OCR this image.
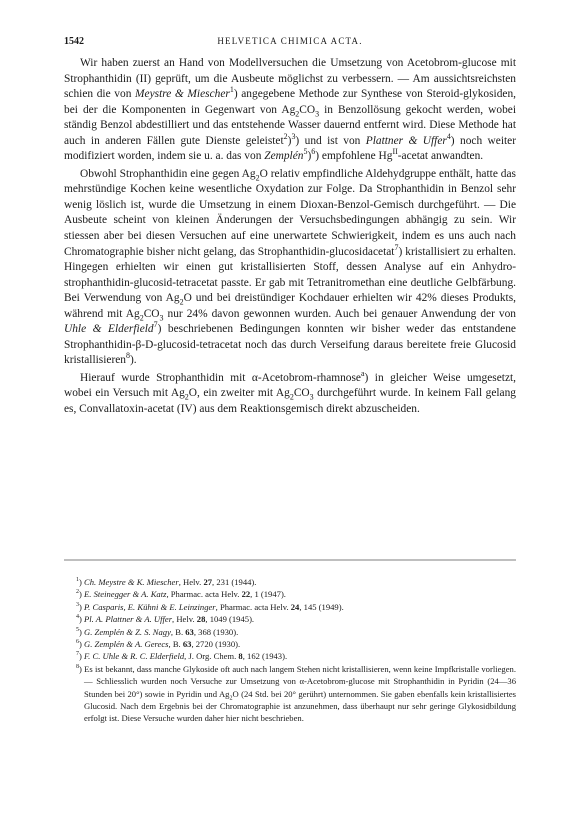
1542	HELVETICA CHIMICA ACTA.

Wir haben zuerst an Hand von Modellversuchen die Umsetzung von Acetobrom-glucose mit Strophanthidin (II) geprüft, um die Ausbeute möglichst zu verbessern. — Am aussichtsreichsten schien die von Meystre & Miescher$^1$) angegebene Methode zur Synthese von Steroid-glykosiden, bei der die Komponenten in Gegenwart von $Ag_2CO_3$ in Benzollösung gekocht werden, wobei ständig Benzol abdestilliert und das entstehende Wasser dauernd entfernt wird. Diese Methode hat auch in anderen Fällen gute Dienste geleistet$^2$)$^3$) und ist von Plattner & Uffer$^4$) noch weiter modifiziert worden, indem sie u. a. das von Zemplén$^5$)$^6$) empfohlene $Hg^{II}$-acetat anwandten.

Obwohl Strophanthidin eine gegen $Ag_2O$ relativ empfindliche Aldehydgruppe enthält, hatte das mehrstündige Kochen keine wesentliche Oxydation zur Folge. Da Strophanthidin in Benzol sehr wenig löslich ist, wurde die Umsetzung in einem Dioxan-Benzol-Gemisch durchgeführt. — Die Ausbeute scheint von kleinen Änderungen der Versuchsbedingungen abhängig zu sein. Wir stiessen aber bei diesen Versuchen auf eine unerwartete Schwierigkeit, indem es uns auch nach Chromatographie bisher nicht gelang, das Strophanthidin-glucosidacetat$^7$) kristallisiert zu erhalten. Hingegen erhielten wir einen gut kristallisierten Stoff, dessen Analyse auf ein Anhydro-strophanthidin-glucosid-tetracetat passte. Er gab mit Tetranitromethan eine deutliche Gelbfärbung. Bei Verwendung von $Ag_2O$ und bei dreistündiger Kochdauer erhielten wir 42% dieses Produkts, während mit $Ag_2CO_3$ nur 24% davon gewonnen wurden. Auch bei genauer Anwendung der von Uhle & Elderfield$^7$) beschriebenen Bedingungen konnten wir bisher weder das entstandene Strophanthidin-β-D-glucosid-tetracetat noch das durch Verseifung daraus bereitete freie Glucosid kristallisieren$^8$).

Hierauf wurde Strophanthidin mit α-Acetobrom-rhamnose$^a$) in gleicher Weise umgesetzt, wobei ein Versuch mit $Ag_2O$, ein zweiter mit $Ag_2CO_3$ durchgeführt wurde. In keinem Fall gelang es, Convallatoxin-acetat (IV) aus dem Reaktionsgemisch direkt abzuscheiden.

$^1$) Ch. Meystre & K. Miescher, Helv. 27, 231 (1944).

$^2$) E. Steinegger & A. Katz, Pharmac. acta Helv. 22, 1 (1947).

$^3$) P. Casparis, E. Kühni & E. Leinzinger, Pharmac. acta Helv. 24, 145 (1949).

$^4$) Pl. A. Plattner & A. Uffer, Helv. 28, 1049 (1945).

$^5$) G. Zemplén & Z. S. Nagy, B. 63, 368 (1930).

$^6$) G. Zemplén & A. Gerecs, B. 63, 2720 (1930).

$^7$) F. C. Uhle & R. C. Elderfield, J. Org. Chem. 8, 162 (1943).

$^8$) Es ist bekannt, dass manche Glykoside oft auch nach langem Stehen nicht kristallisieren, wenn keine Impfkristalle vorliegen. — Schliesslich wurden noch Versuche zur Umsetzung von α-Acetobrom-glucose mit Strophanthidin in Pyridin (24—36 Stunden bei 20°) sowie in Pyridin und $Ag_2O$ (24 Std. bei 20° gerührt) unternommen. Sie gaben ebenfalls kein kristallisiertes Glucosid. Nach dem Ergebnis bei der Chromatographie ist anzunehmen, dass überhaupt nur sehr geringe Glykosidbildung erfolgt ist. Diese Versuche wurden daher hier nicht beschrieben.
